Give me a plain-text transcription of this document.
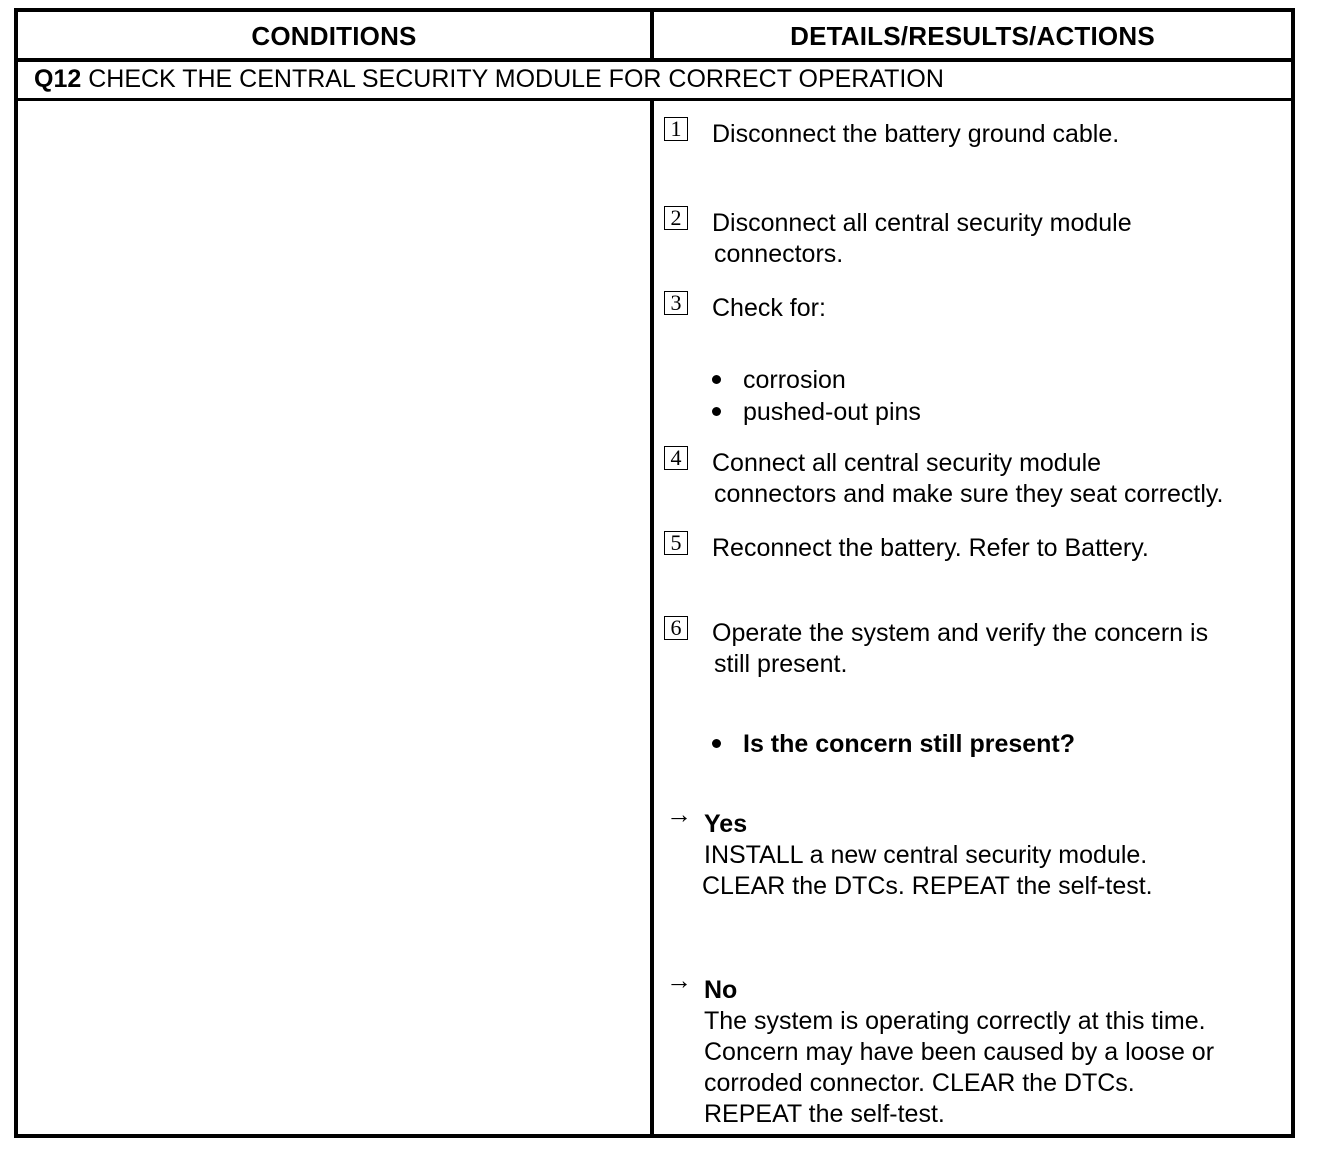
CONDITIONS	DETAILS/RESULTS/ACTIONS
Q12 CHECK THE CENTRAL SECURITY MODULE FOR CORRECT OPERATION
1 Disconnect the battery ground cable.
2 Disconnect all central security module
connectors.
3 Check for:
corrosion
pushed-out pins
4 Connect all central security module
connectors and make sure they seat correctly.
5 Reconnect the battery. Refer to Battery.
6 Operate the system and verify the concern is
still present.
Is the concern still present?
→ Yes
INSTALL a new central security module.
CLEAR the DTCs. REPEAT the self-test.
→ No
The system is operating correctly at this time.
Concern may have been caused by a loose or
corroded connector. CLEAR the DTCs.
REPEAT the self-test.
